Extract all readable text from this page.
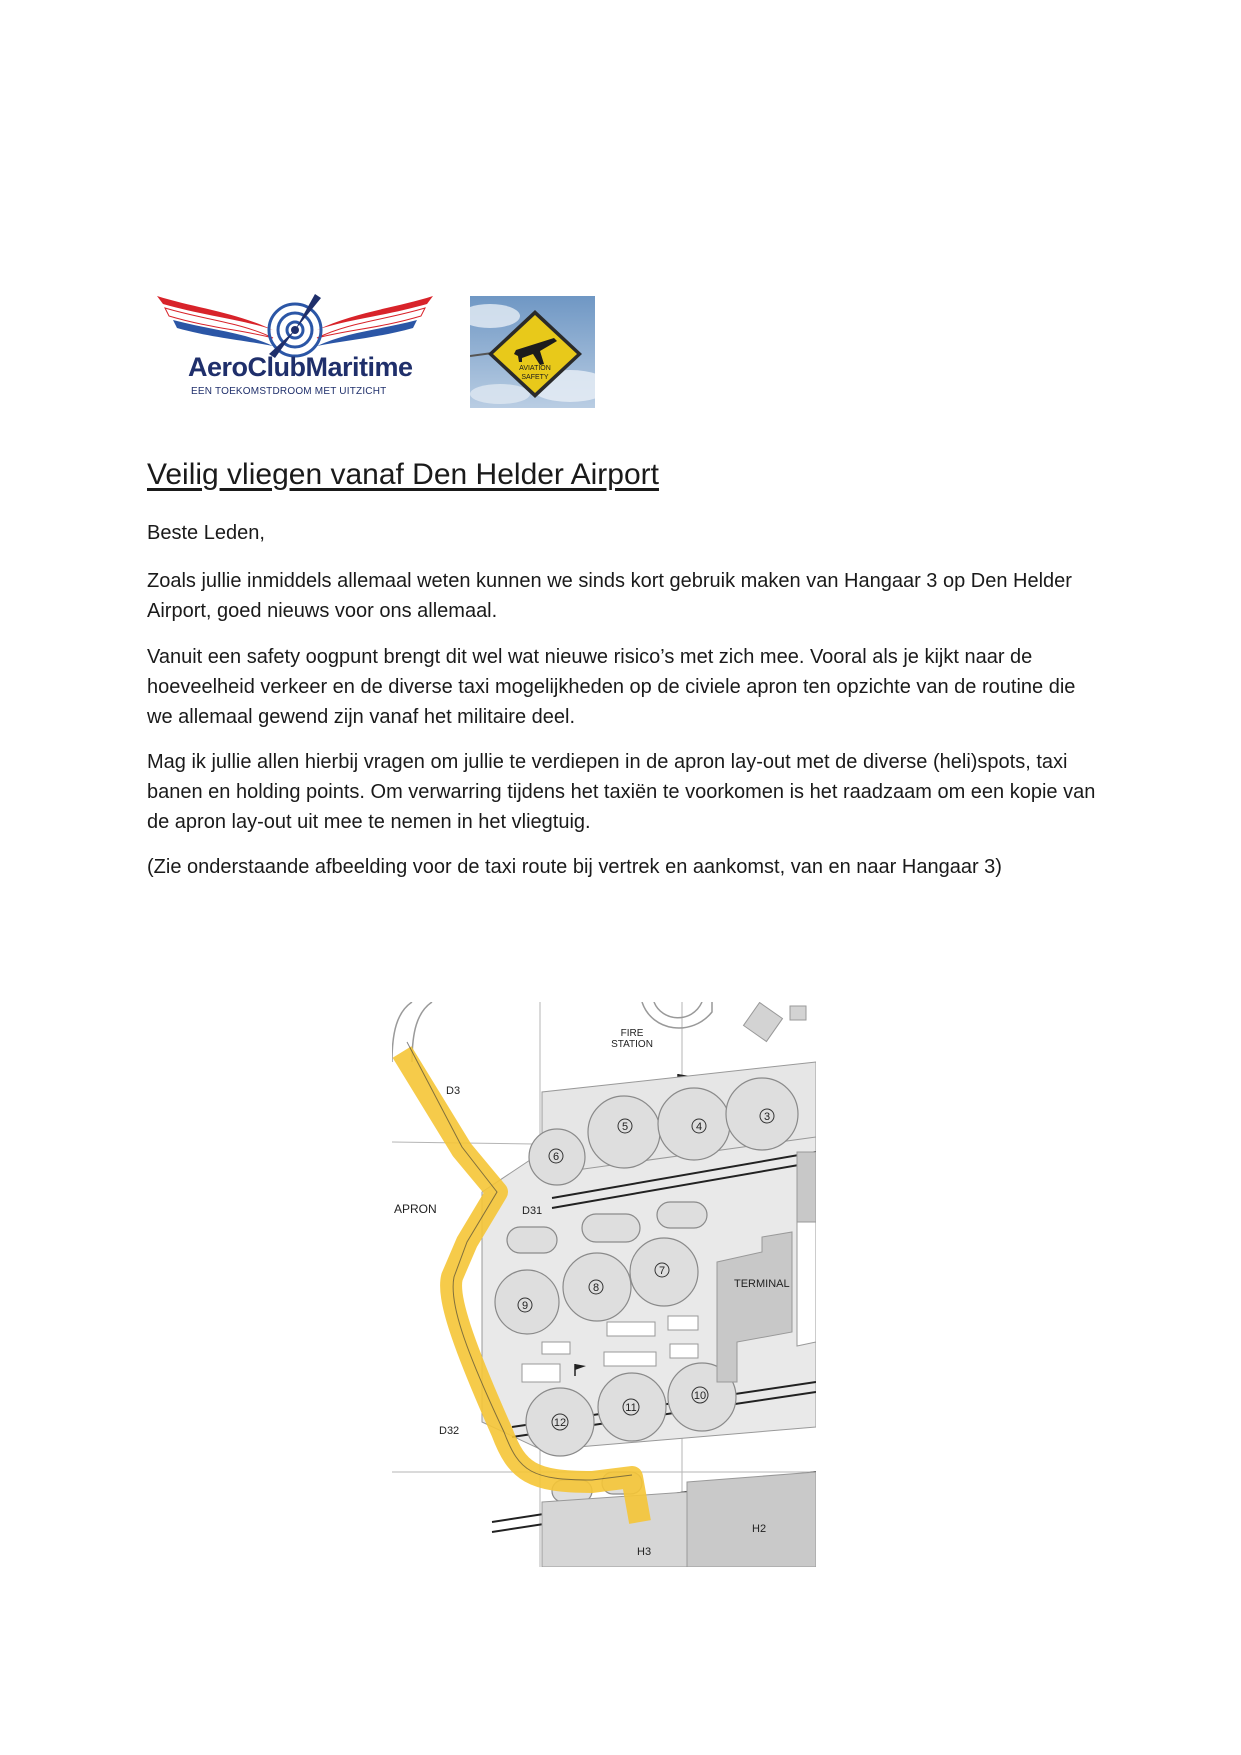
AeroClubMaritime
EEN TOEKOMSTDROOM MET UITZICHT
AVIATION
SAFETY
Veilig vliegen vanaf Den Helder Airport
Beste Leden,
Zoals jullie inmiddels allemaal weten kunnen we sinds kort gebruik maken van Hangaar 3 op Den Helder Airport, goed nieuws voor ons allemaal.
Vanuit een safety oogpunt brengt dit wel wat nieuwe risico’s met zich mee. Vooral als je kijkt naar de hoeveelheid verkeer en de diverse taxi mogelijkheden op de civiele apron ten opzichte van de routine die we allemaal gewend zijn vanaf het militaire deel.
Mag ik jullie allen hierbij vragen om jullie te verdiepen in de apron lay-out met de diverse (heli)spots, taxi banen en holding points. Om verwarring tijdens het taxiën te voorkomen is het raadzaam om een kopie van de apron lay-out uit mee te nemen in het vliegtuig.
(Zie onderstaande afbeelding voor de taxi route bij vertrek en aankomst, van en naar Hangaar 3)
FIRE
STATION
TERMINAL
H2
H3
3
4
5
6
7
8
9
10
11
12
D3
D31
D32
APRON
